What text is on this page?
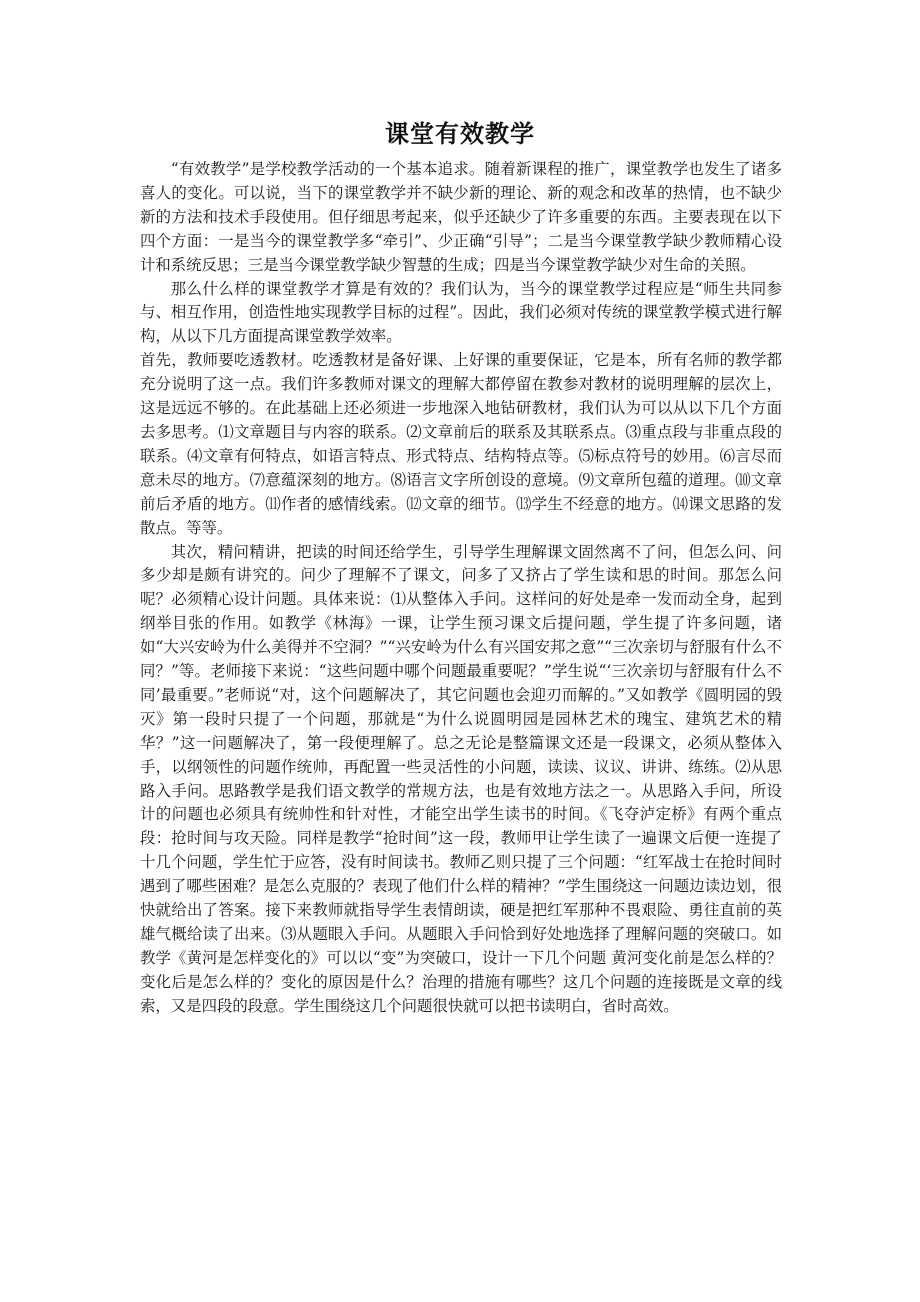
课堂有效教学

“有效教学”是学校教学活动的一个基本追求。随着新课程的推广，课堂教学也发生了诸多喜人的变化。可以说，当下的课堂教学并不缺少新的理论、新的观念和改革的热情，也不缺少新的方法和技术手段使用。但仔细思考起来，似乎还缺少了许多重要的东西。主要表现在以下四个方面：一是当今的课堂教学多“牵引”、少正确“引导”；二是当今课堂教学缺少教师精心设计和系统反思；三是当今课堂教学缺少智慧的生成；四是当今课堂教学缺少对生命的关照。

那么什么样的课堂教学才算是有效的？我们认为，当今的课堂教学过程应是“师生共同参与、相互作用，创造性地实现教学目标的过程”。因此，我们必须对传统的课堂教学模式进行解构，从以下几方面提高课堂教学效率。

首先，教师要吃透教材。吃透教材是备好课、上好课的重要保证，它是本，所有名师的教学都充分说明了这一点。我们许多教师对课文的理解大都停留在教参对教材的说明理解的层次上，这是远远不够的。在此基础上还必须进一步地深入地钻研教材，我们认为可以从以下几个方面去多思考。⑴文章题目与内容的联系。⑵文章前后的联系及其联系点。⑶重点段与非重点段的联系。⑷文章有何特点，如语言特点、形式特点、结构特点等。⑸标点符号的妙用。⑹言尽而意未尽的地方。⑺意蕴深刻的地方。⑻语言文字所创设的意境。⑼文章所包蕴的道理。⑽文章前后矛盾的地方。⑾作者的感情线索。⑿文章的细节。⒀学生不经意的地方。⒁课文思路的发散点。等等。

其次，精问精讲，把读的时间还给学生，引导学生理解课文固然离不了问，但怎么问、问多少却是颇有讲究的。问少了理解不了课文，问多了又挤占了学生读和思的时间。那怎么问呢？必须精心设计问题。具体来说：⑴从整体入手问。这样问的好处是牵一发而动全身，起到纲举目张的作用。如教学《林海》一课，让学生预习课文后提问题，学生提了许多问题，诸如“大兴安岭为什么美得并不空洞？”“兴安岭为什么有兴国安邦之意”“三次亲切与舒服有什么不同？”等。老师接下来说：“这些问题中哪个问题最重要呢？”学生说“‘三次亲切与舒服有什么不同’最重要。”老师说“对，这个问题解决了，其它问题也会迎刃而解的。”又如教学《圆明园的毁灭》第一段时只提了一个问题，那就是“为什么说圆明园是园林艺术的瑰宝、建筑艺术的精华？”这一问题解决了，第一段便理解了。总之无论是整篇课文还是一段课文，必须从整体入手，以纲领性的问题作统帅，再配置一些灵活性的小问题，读读、议议、讲讲、练练。⑵从思路入手问。思路教学是我们语文教学的常规方法，也是有效地方法之一。从思路入手问，所设计的问题也必须具有统帅性和针对性，才能空出学生读书的时间。《飞夺泸定桥》有两个重点段：抢时间与攻天险。同样是教学“抢时间”这一段，教师甲让学生读了一遍课文后便一连提了十几个问题，学生忙于应答，没有时间读书。教师乙则只提了三个问题：“红军战士在抢时间时遇到了哪些困难？是怎么克服的？表现了他们什么样的精神？”学生围绕这一问题边读边划，很快就给出了答案。接下来教师就指导学生表情朗读，硬是把红军那种不畏艰险、勇往直前的英雄气概给读了出来。⑶从题眼入手问。从题眼入手问恰到好处地选择了理解问题的突破口。如教学《黄河是怎样变化的》可以以“变”为突破口，设计一下几个问题 黄河变化前是怎么样的？变化后是怎么样的？变化的原因是什么？治理的措施有哪些？这几个问题的连接既是文章的线索，又是四段的段意。学生围绕这几个问题很快就可以把书读明白，省时高效。
